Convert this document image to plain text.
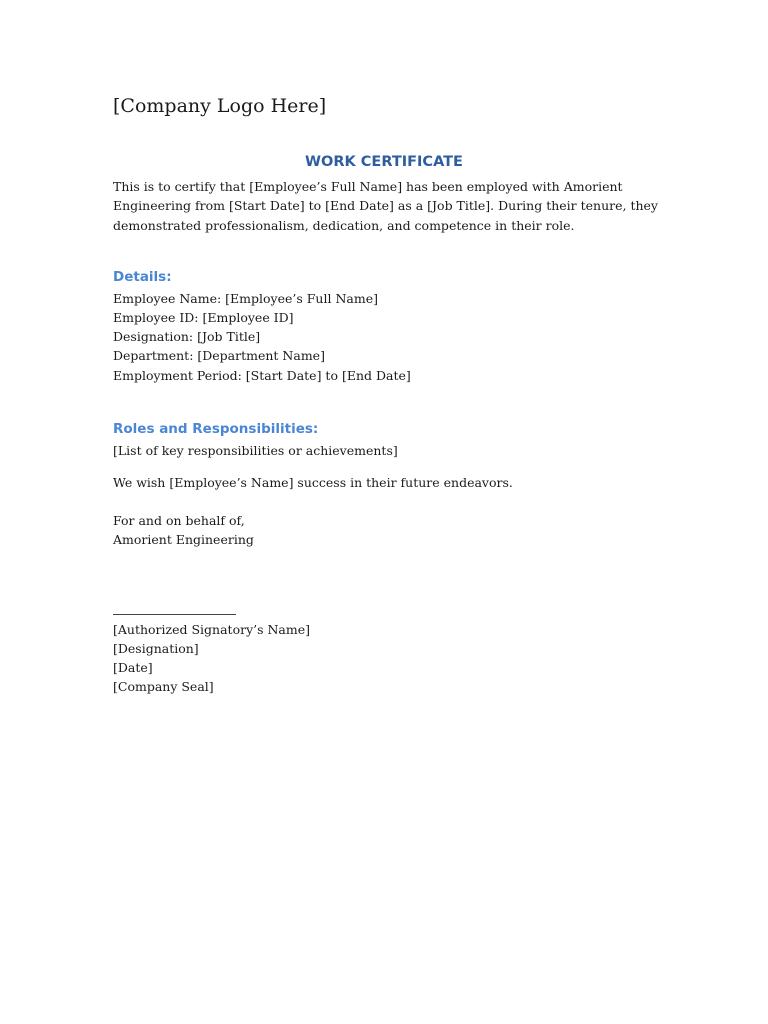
[Company Logo Here]
WORK CERTIFICATE
This is to certify that [Employee’s Full Name] has been employed with Amorient
Engineering from [Start Date] to [End Date] as a [Job Title]. During their tenure, they
demonstrated professionalism, dedication, and competence in their role.
Details:
Employee Name: [Employee’s Full Name]
Employee ID: [Employee ID]
Designation: [Job Title]
Department: [Department Name]
Employment Period: [Start Date] to [End Date]
Roles and Responsibilities:
[List of key responsibilities or achievements]
We wish [Employee’s Name] success in their future endeavors.
For and on behalf of,
Amorient Engineering
[Authorized Signatory’s Name]
[Designation]
[Date]
[Company Seal]
